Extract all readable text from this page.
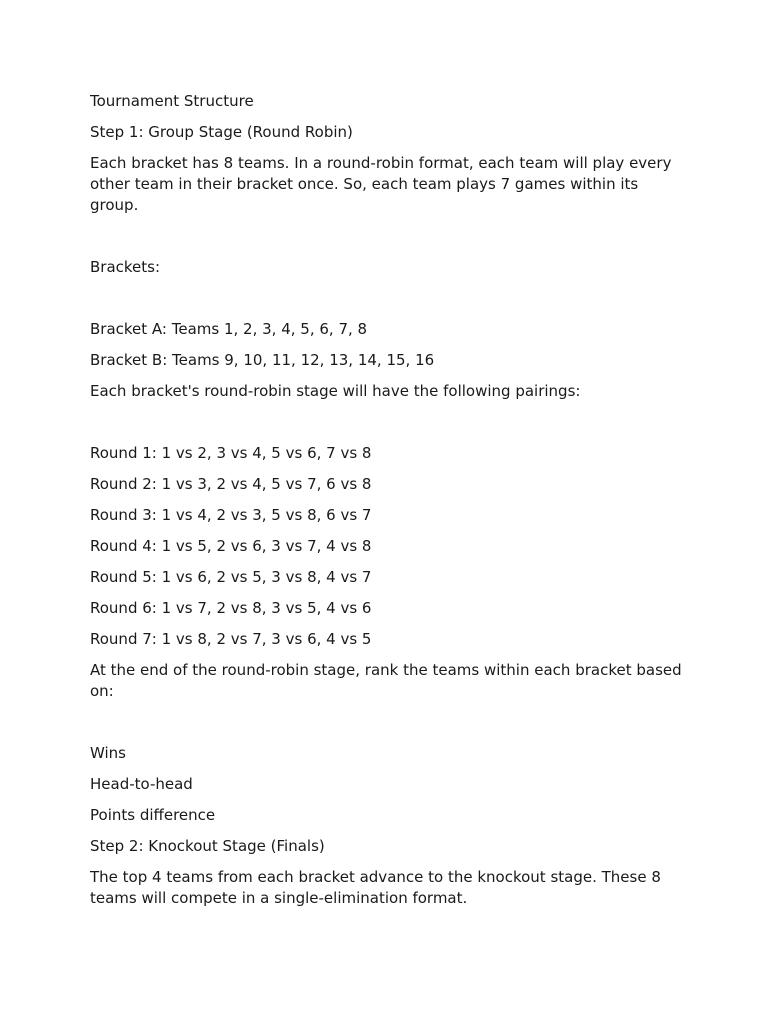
Tournament Structure

Step 1: Group Stage (Round Robin)

Each bracket has 8 teams. In a round-robin format, each team will play every other team in their bracket once. So, each team plays 7 games within its group.

Brackets:

Bracket A: Teams 1, 2, 3, 4, 5, 6, 7, 8

Bracket B: Teams 9, 10, 11, 12, 13, 14, 15, 16

Each bracket's round-robin stage will have the following pairings:

Round 1: 1 vs 2, 3 vs 4, 5 vs 6, 7 vs 8

Round 2: 1 vs 3, 2 vs 4, 5 vs 7, 6 vs 8

Round 3: 1 vs 4, 2 vs 3, 5 vs 8, 6 vs 7

Round 4: 1 vs 5, 2 vs 6, 3 vs 7, 4 vs 8

Round 5: 1 vs 6, 2 vs 5, 3 vs 8, 4 vs 7

Round 6: 1 vs 7, 2 vs 8, 3 vs 5, 4 vs 6

Round 7: 1 vs 8, 2 vs 7, 3 vs 6, 4 vs 5

At the end of the round-robin stage, rank the teams within each bracket based on:

Wins

Head-to-head

Points difference

Step 2: Knockout Stage (Finals)

The top 4 teams from each bracket advance to the knockout stage. These 8 teams will compete in a single-elimination format.
